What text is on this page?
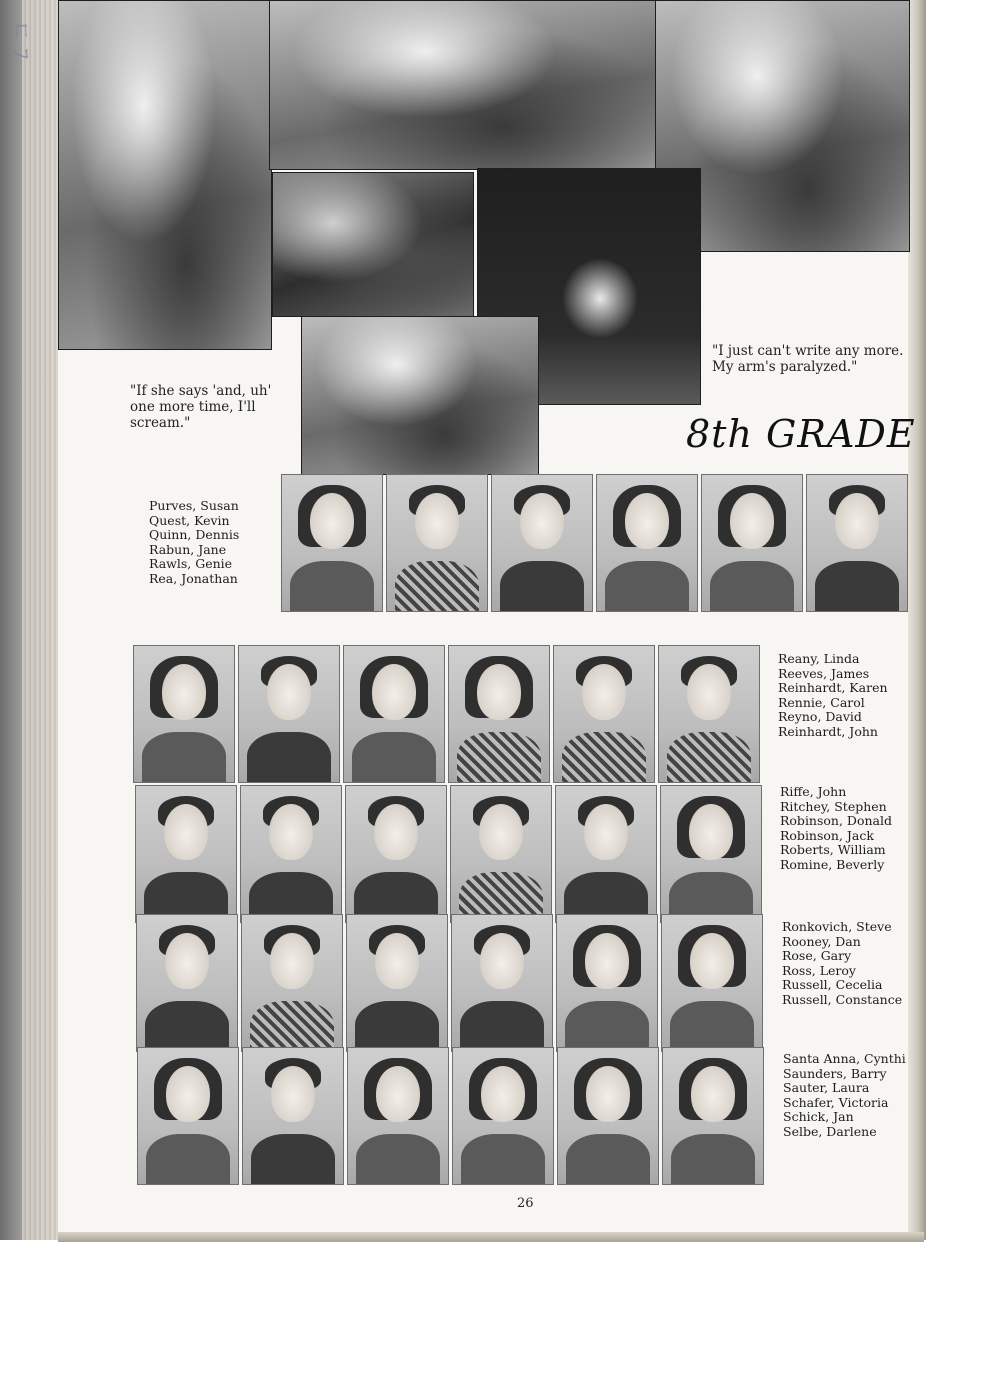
ﾧ ﾌ
"If she says 'and, uh'
one more time, I'll
scream."
"I just can't write any more.
My arm's paralyzed."
8th GRADE
Purves, Susan
Quest, Kevin
Quinn, Dennis
Rabun, Jane
Rawls, Genie
Rea, Jonathan
Reany, Linda
Reeves, James
Reinhardt, Karen
Rennie, Carol
Reyno, David
Reinhardt, John
Riffe, John
Ritchey, Stephen
Robinson, Donald
Robinson, Jack
Roberts, William
Romine, Beverly
Ronkovich, Steve
Rooney, Dan
Rose, Gary
Ross, Leroy
Russell, Cecelia
Russell, Constance
Santa Anna, Cynthi
Saunders, Barry
Sauter, Laura
Schafer, Victoria
Schick, Jan
Selbe, Darlene
26
